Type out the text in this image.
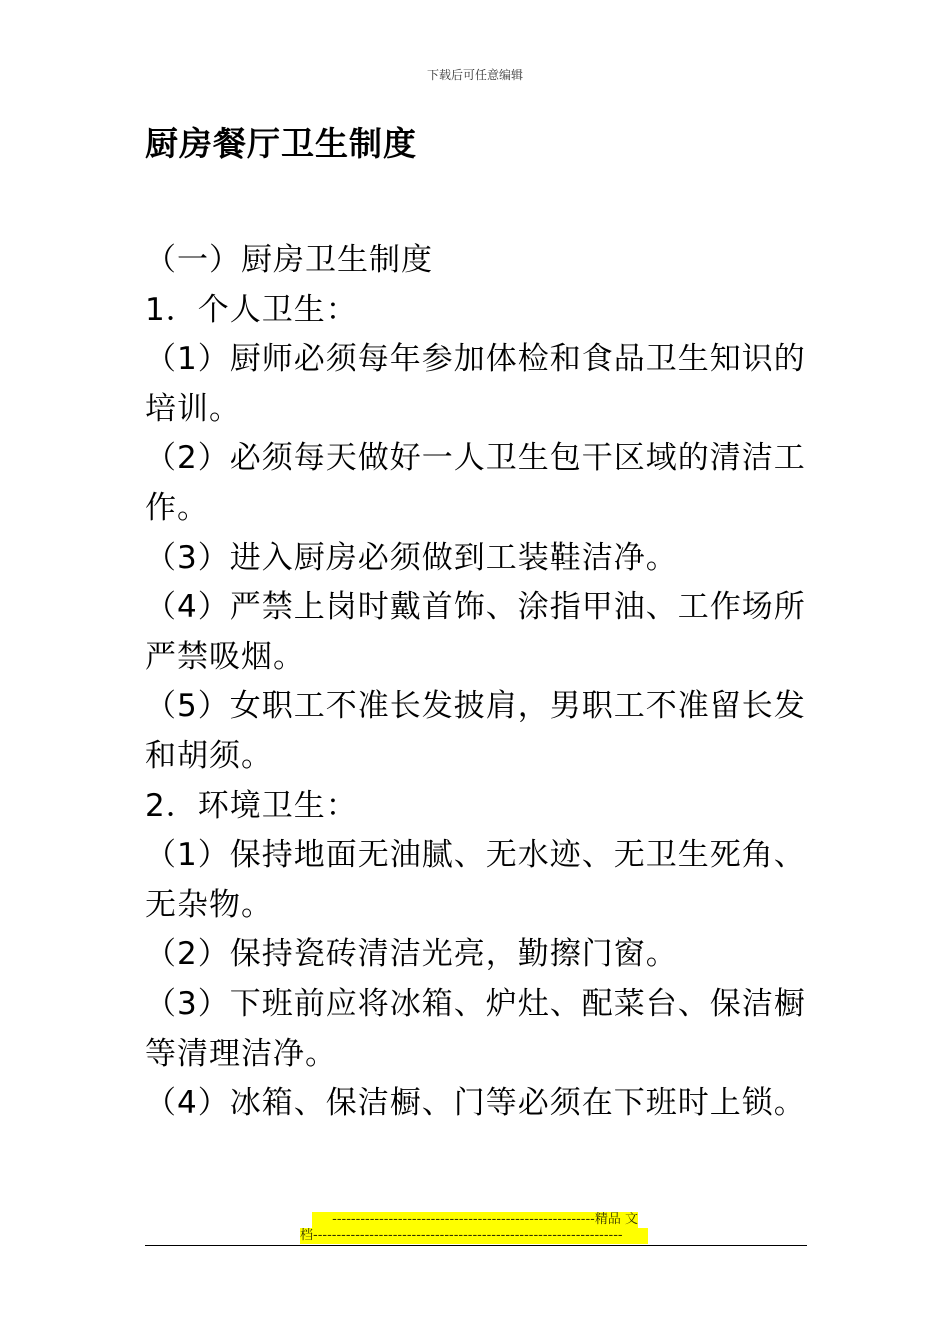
下载后可任意编辑
厨房餐厅卫生制度

（一）厨房卫生制度

1．个人卫生：

（1）厨师必须每年参加体检和食品卫生知识的培训。

（2）必须每天做好一人卫生包干区域的清洁工作。

（3）进入厨房必须做到工装鞋洁净。

（4）严禁上岗时戴首饰、涂指甲油、工作场所严禁吸烟。

（5）女职工不准长发披肩，男职工不准留长发和胡须。

2．环境卫生：

（1）保持地面无油腻、无水迹、无卫生死角、无杂物。

（2）保持瓷砖清洁光亮，勤擦门窗。

（3）下班前应将冰箱、炉灶、配菜台、保洁橱等清理洁净。

（4）冰箱、保洁橱、门等必须在下班时上锁。

--------------------------------------------------------精品 文
档------------------------------------------------------------------
